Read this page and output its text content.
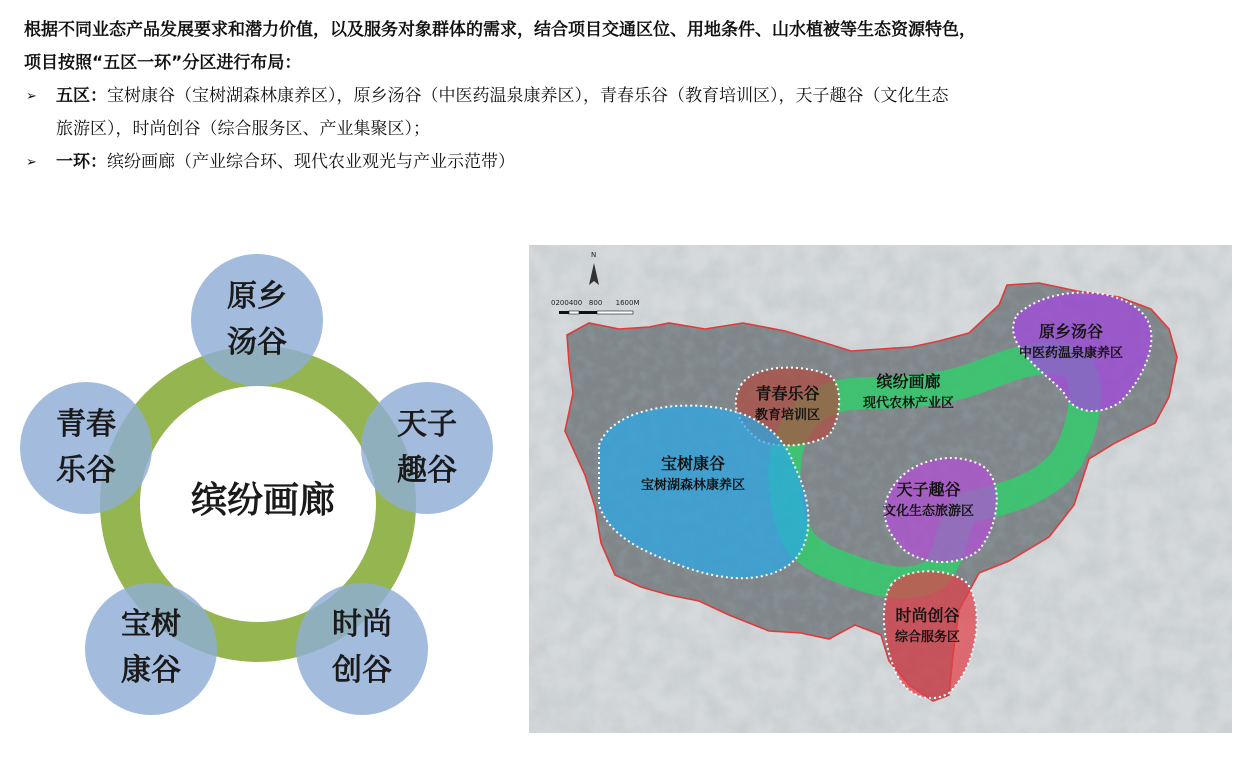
根据不同业态产品发展要求和潜力价值，以及服务对象群体的需求，结合项目交通区位、用地条件、山水植被等生态资源特色，

项目按照“五区一环”分区进行布局：

➢ 五区：宝树康谷（宝树湖森林康养区），原乡汤谷（中医药温泉康养区），青春乐谷（教育培训区），天子趣谷（文化生态

旅游区），时尚创谷（综合服务区、产业集聚区）；

➢ 一环：缤纷画廊（产业综合环、现代农业观光与产业示范带）

原乡
汤谷
天子
趣谷
时尚
创谷
宝树
康谷
青春
乐谷
缤纷画廊
N
0200400 800 1600M
原乡汤谷
中医药温泉康养区
青春乐谷
教育培训区
缤纷画廊
现代农林产业区
宝树康谷
宝树湖森林康养区	天子趣谷
文化生态旅游区
时尚创谷
综合服务区
